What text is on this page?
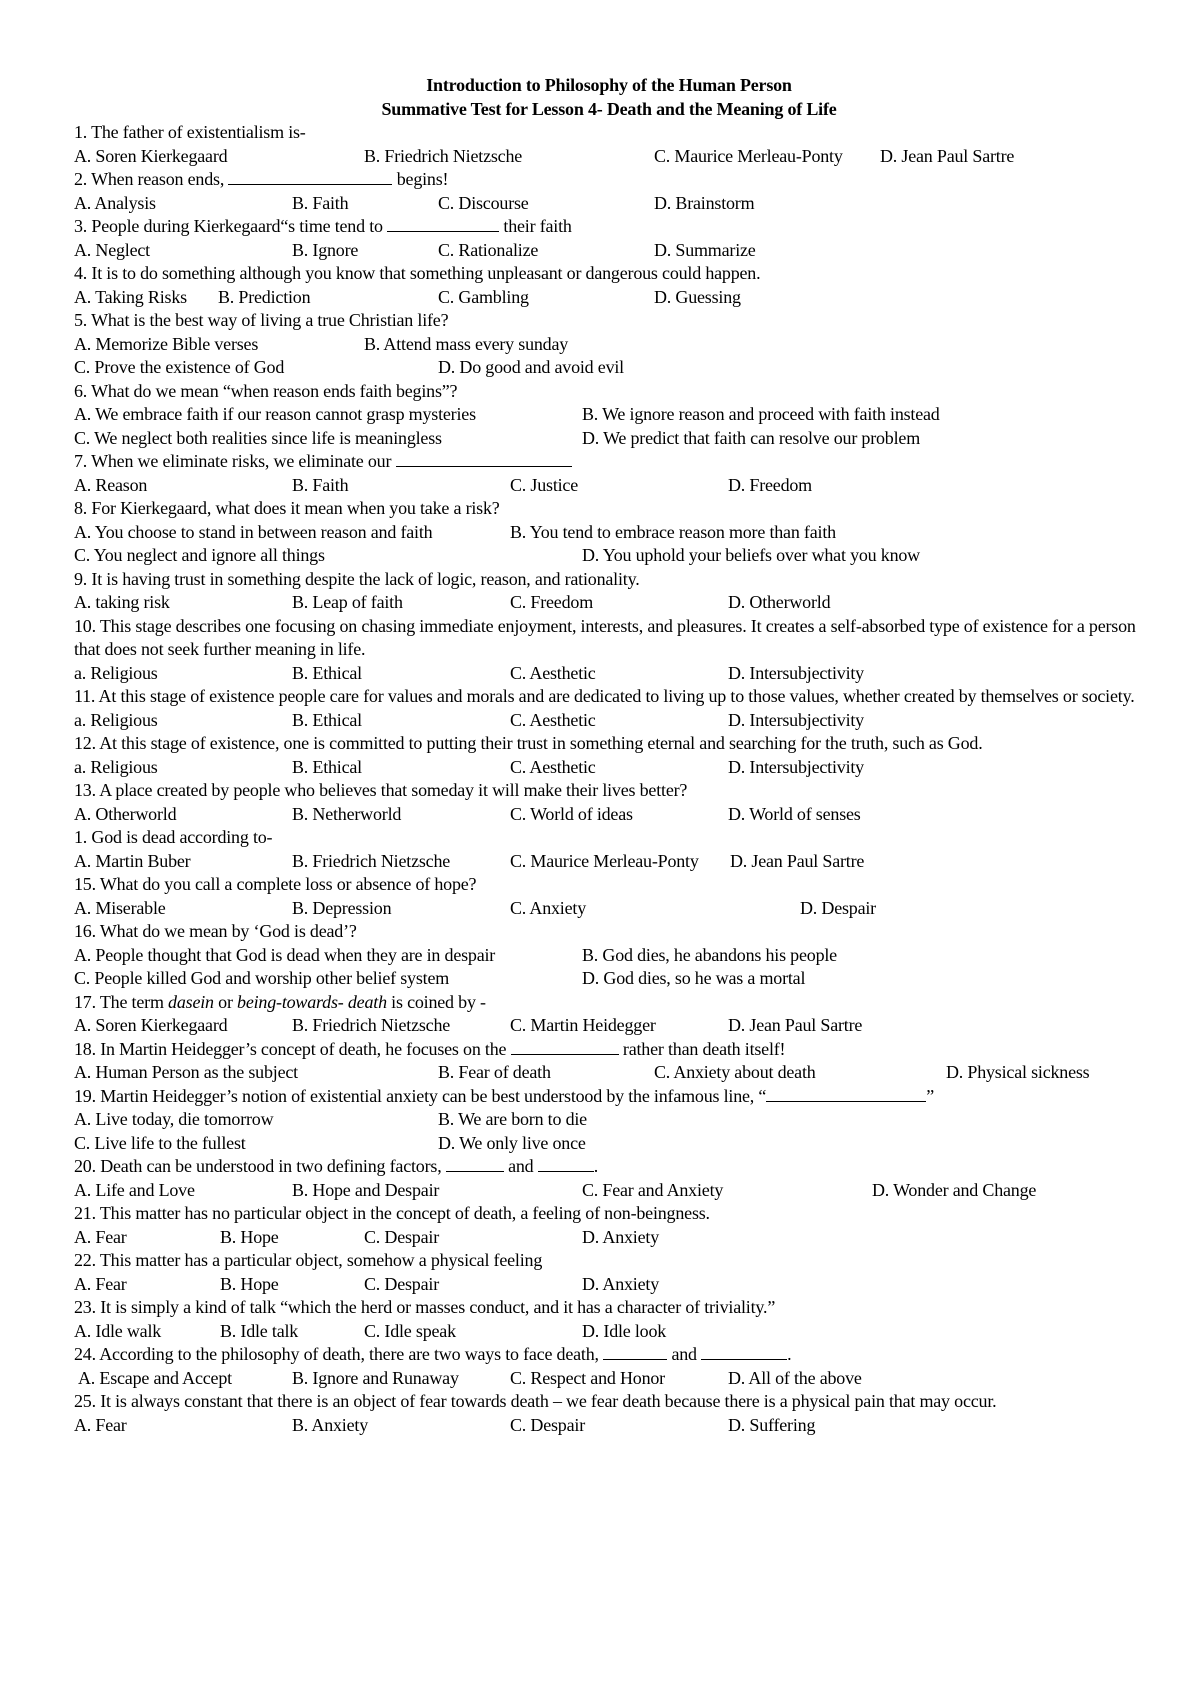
Introduction to Philosophy of the Human Person
Summative Test for Lesson 4- Death and the Meaning of Life
1. The father of existentialism is-
A. Soren Kierkegaard	B. Friedrich Nietzsche	C. Maurice Merleau-Ponty D. Jean Paul Sartre
2. When reason ends,	begins!
A. Analysis	B. Faith	C. Discourse	D. Brainstorm
3. People during Kierkegaard“s time tend to	their faith
A. Neglect	B. Ignore	C. Rationalize	D. Summarize
4. It is to do something although you know that something unpleasant or dangerous could happen.
A. Taking Risks B. Prediction	C. Gambling	D. Guessing
5. What is the best way of living a true Christian life?
A. Memorize Bible verses	B. Attend mass every sunday
C. Prove the existence of God	D. Do good and avoid evil
6. What do we mean “when reason ends faith begins”?
A. We embrace faith if our reason cannot grasp mysteries	B. We ignore reason and proceed with faith instead
C. We neglect both realities since life is meaningless	D. We predict that faith can resolve our problem
7. When we eliminate risks, we eliminate our
A. Reason	B. Faith	C. Justice	D. Freedom
8. For Kierkegaard, what does it mean when you take a risk?
A. You choose to stand in between reason and faith	B. You tend to embrace reason more than faith
C. You neglect and ignore all things	D. You uphold your beliefs over what you know
9. It is having trust in something despite the lack of logic, reason, and rationality.
A. taking risk	B. Leap of faith	C. Freedom	D. Otherworld
10. This stage describes one focusing on chasing immediate enjoyment, interests, and pleasures. It creates a self-absorbed type of existence for a person that does not seek further meaning in life.
a. Religious	B. Ethical	C. Aesthetic	D. Intersubjectivity
11. At this stage of existence people care for values and morals and are dedicated to living up to those values, whether created by themselves or society.
a. Religious	B. Ethical	C. Aesthetic	D. Intersubjectivity
12. At this stage of existence, one is committed to putting their trust in something eternal and searching for the truth, such as God.
a. Religious	B. Ethical	C. Aesthetic	D. Intersubjectivity
13. A place created by people who believes that someday it will make their lives better?
A. Otherworld	B. Netherworld	C. World of ideas	D. World of senses
1. God is dead according to-
A. Martin Buber	B. Friedrich Nietzsche	C. Maurice Merleau-Ponty D. Jean Paul Sartre
15. What do you call a complete loss or absence of hope?
A. Miserable	B. Depression	C. Anxiety	D. Despair
16. What do we mean by ‘God is dead’?
A. People thought that God is dead when they are in despair	B. God dies, he abandons his people
C. People killed God and worship other belief system	D. God dies, so he was a mortal
17. The term dasein or being-towards- death is coined by -
A. Soren Kierkegaard	B. Friedrich Nietzsche	C. Martin Heidegger	D. Jean Paul Sartre
18. In Martin Heidegger’s concept of death, he focuses on the	rather than death itself!
A. Human Person as the subject	B. Fear of death	C. Anxiety about death	D. Physical sickness
19. Martin Heidegger’s notion of existential anxiety can be best understood by the infamous line, “	”
A. Live today, die tomorrow	B. We are born to die
C. Live life to the fullest	D. We only live once
20. Death can be understood in two defining factors,	and	.
A. Life and Love	B. Hope and Despair	C. Fear and Anxiety	D. Wonder and Change
21. This matter has no particular object in the concept of death, a feeling of non-beingness.
A. Fear	B. Hope	C. Despair	D. Anxiety
22. This matter has a particular object, somehow a physical feeling
A. Fear	B. Hope	C. Despair	D. Anxiety
23. It is simply a kind of talk “which the herd or masses conduct, and it has a character of triviality.”
A. Idle walk	B. Idle talk	C. Idle speak	D. Idle look
24. According to the philosophy of death, there are two ways to face death,	and	.
A. Escape and Accept	B. Ignore and Runaway	C. Respect and Honor	D. All of the above
25. It is always constant that there is an object of fear towards death – we fear death because there is a physical pain that may occur.
A. Fear	B. Anxiety	C. Despair	D. Suffering
